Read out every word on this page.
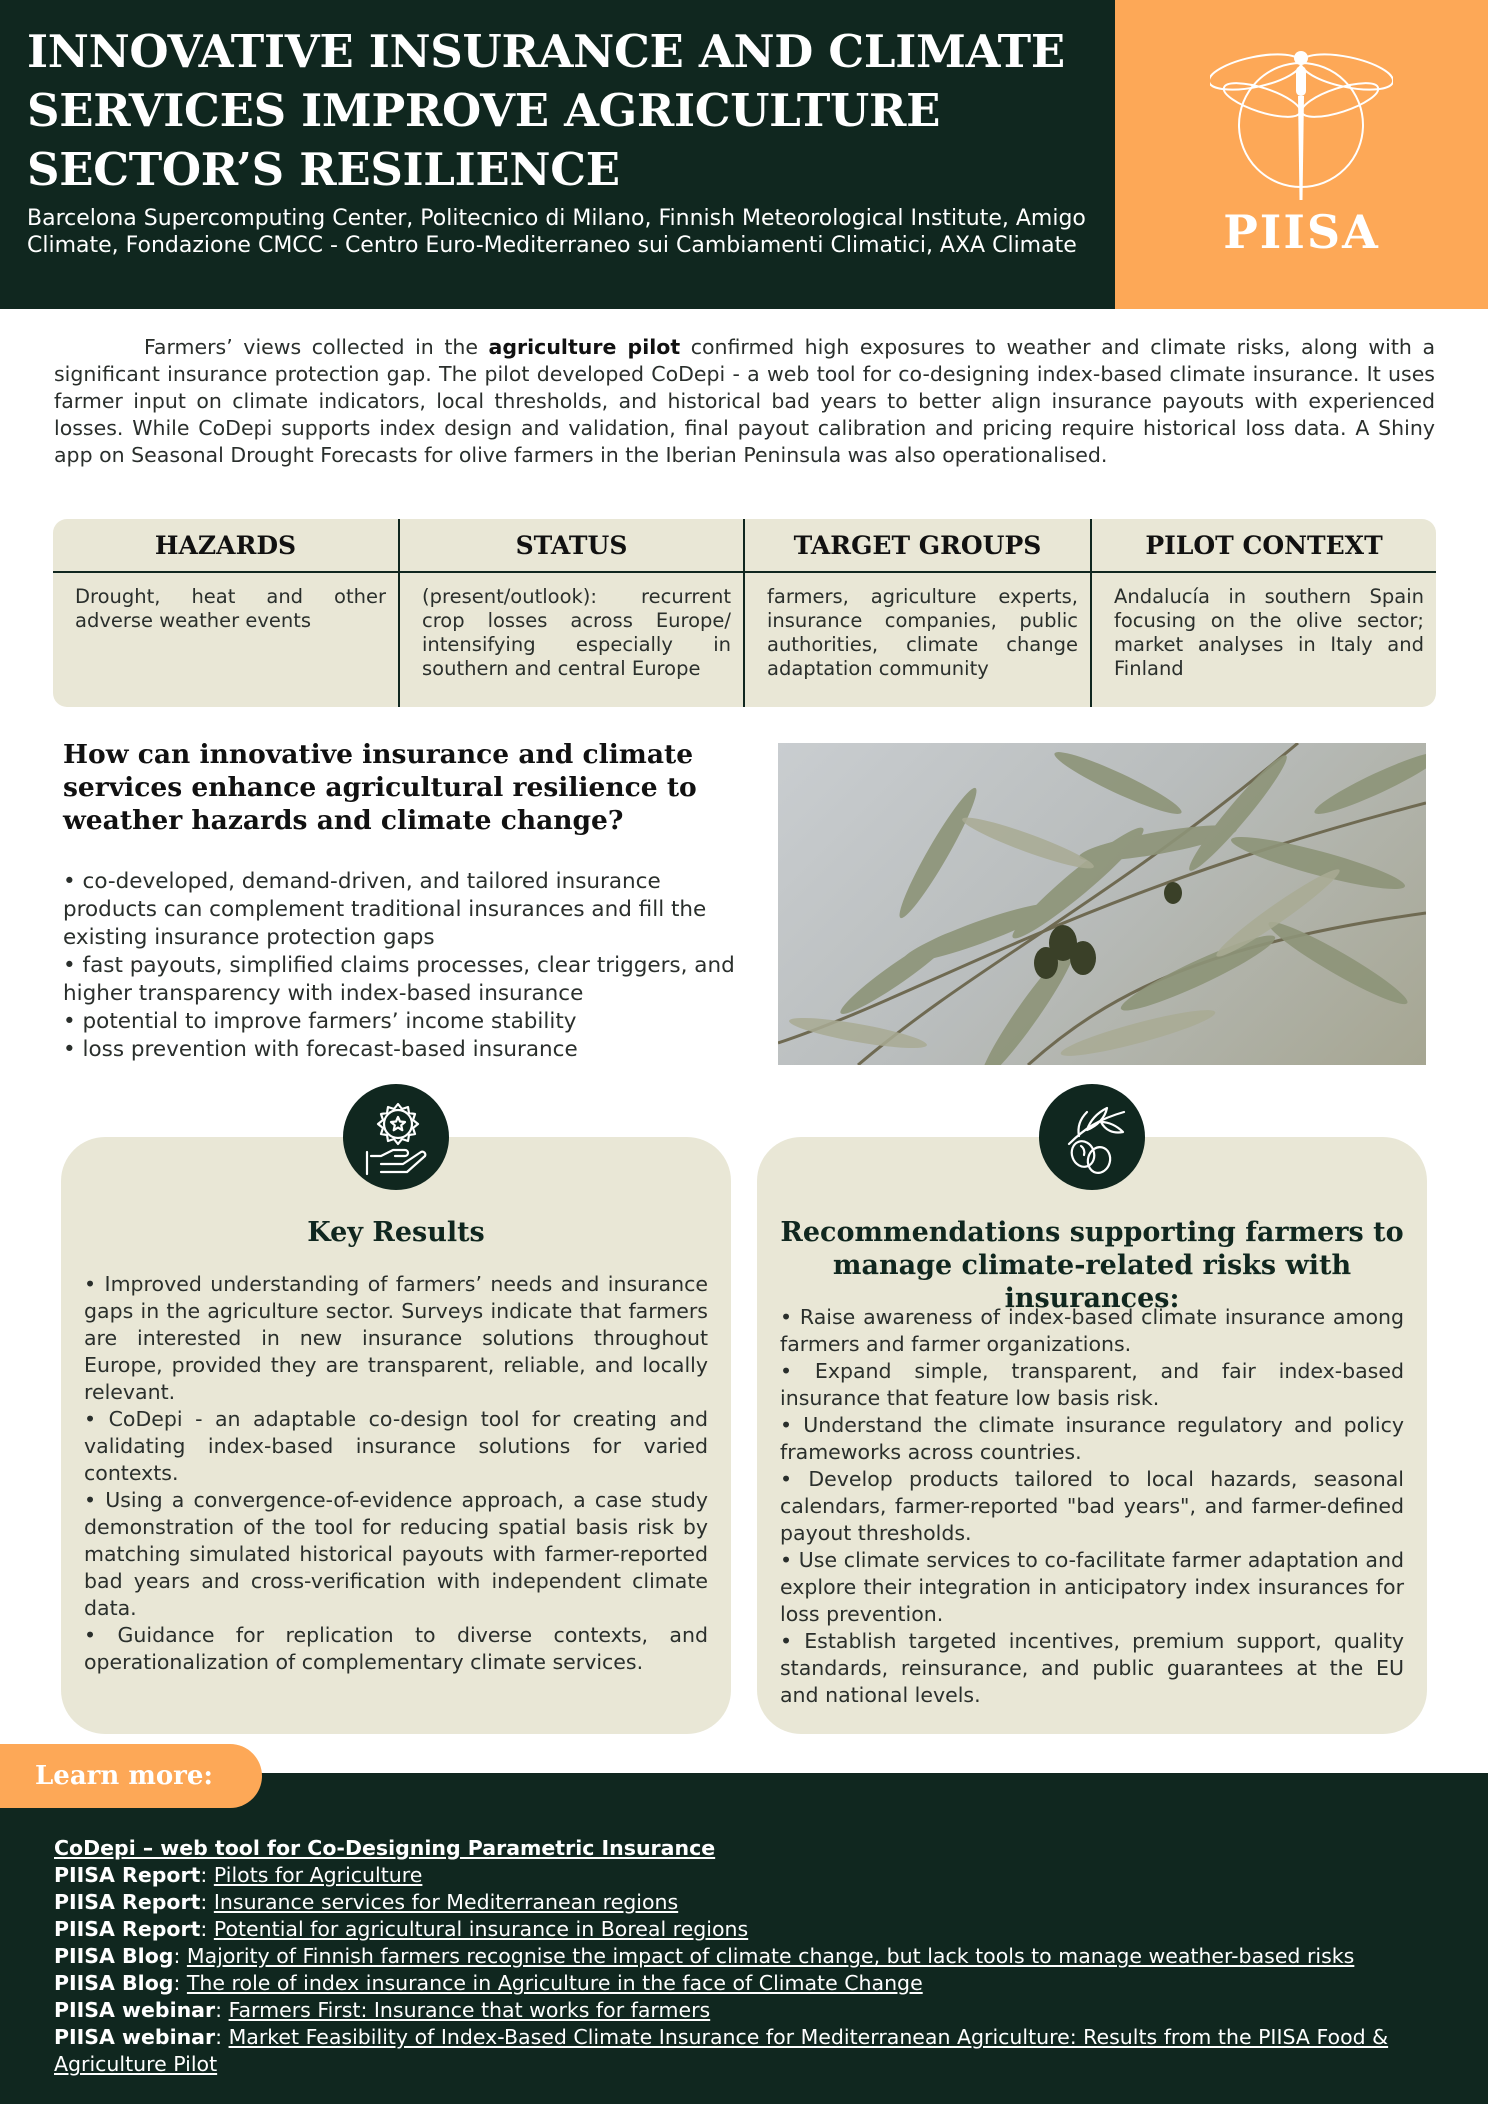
INNOVATIVE INSURANCE AND CLIMATE SERVICES IMPROVE AGRICULTURE SECTOR’S RESILIENCE
Barcelona Supercomputing Center, Politecnico di Milano, Finnish Meteorological Institute, Amigo Climate, Fondazione CMCC - Centro Euro-Mediterraneo sui Cambiamenti Climatici, AXA Climate	PIISA

Farmers’ views collected in the agriculture pilot confirmed high exposures to weather and climate risks, along with a significant insurance protection gap. The pilot developed CoDepi - a web tool for co-designing index-based climate insurance. It uses farmer input on climate indicators, local thresholds, and historical bad years to better align insurance payouts with experienced losses. While CoDepi supports index design and validation, final payout calibration and pricing require historical loss data. A Shiny app on Seasonal Drought Forecasts for olive farmers in the Iberian Peninsula was also operationalised.

HAZARDS
Drought, heat and other adverse weather events
STATUS
(present/outlook): recurrent crop losses across Europe/ intensifying especially in southern and central Europe
TARGET GROUPS
farmers, agriculture experts, insurance companies, public authorities, climate change adaptation community
PILOT CONTEXT
Andalucía in southern Spain focusing on the olive sector; market analyses in Italy and Finland
How can innovative insurance and climate services enhance agricultural resilience to weather hazards and climate change?
• co-developed, demand-driven, and tailored insurance products can complement traditional insurances and fill the existing insurance protection gaps
• fast payouts, simplified claims processes, clear triggers, and higher transparency with index-based insurance
• potential to improve farmers’ income stability
• loss prevention with forecast-based insurance
Key Results

• Improved understanding of farmers’ needs and insurance gaps in the agriculture sector. Surveys indicate that farmers are interested in new insurance solutions throughout Europe, provided they are transparent, reliable, and locally relevant.

• CoDepi - an adaptable co-design tool for creating and validating index-based insurance solutions for varied contexts.

• Using a convergence-of-evidence approach, a case study demonstration of the tool for reducing spatial basis risk by matching simulated historical payouts with farmer-reported bad years and cross-verification with independent climate data.

• Guidance for replication to diverse contexts, and operationalization of complementary climate services.

Recommendations supporting farmers to manage climate-related risks with insurances:

• Raise awareness of index-based climate insurance among farmers and farmer organizations.

• Expand simple, transparent, and fair index-based insurance that feature low basis risk.

• Understand the climate insurance regulatory and policy frameworks across countries.

• Develop products tailored to local hazards, seasonal calendars, farmer-reported "bad years", and farmer-defined payout thresholds.

• Use climate services to co-facilitate farmer adaptation and explore their integration in anticipatory index insurances for loss prevention.

• Establish targeted incentives, premium support, quality standards, reinsurance, and public guarantees at the EU and national levels.

Learn more:
CoDepi – web tool for Co-Designing Parametric Insurance
PIISA Report: Pilots for Agriculture
PIISA Report: Insurance services for Mediterranean regions
PIISA Report: Potential for agricultural insurance in Boreal regions
PIISA Blog: Majority of Finnish farmers recognise the impact of climate change, but lack tools to manage weather-based risks
PIISA Blog: The role of index insurance in Agriculture in the face of Climate Change
PIISA webinar: Farmers First: Insurance that works for farmers
PIISA webinar: Market Feasibility of Index-Based Climate Insurance for Mediterranean Agriculture: Results from the PIISA Food & Agriculture Pilot
